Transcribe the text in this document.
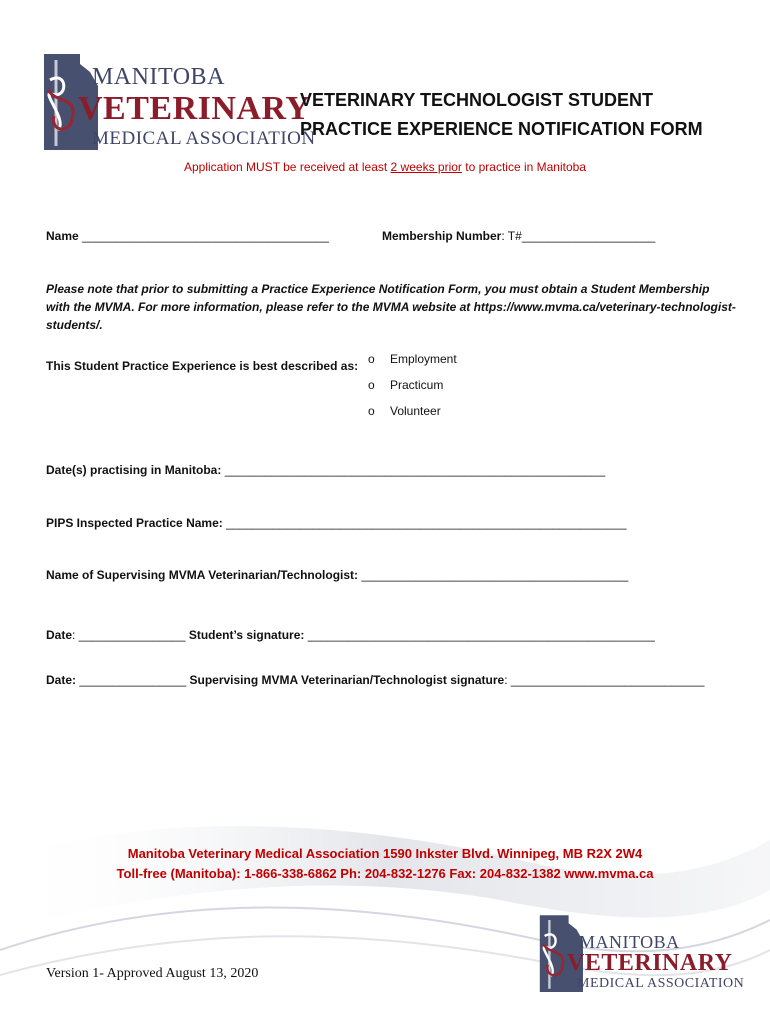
MANITOBA
VETERINARY
MEDICAL ASSOCIATION
VETERINARY TECHNOLOGIST STUDENT
PRACTICE EXPERIENCE NOTIFICATION FORM
Application MUST be received at least 2 weeks prior to practice in Manitoba
Name _____________________________________	Membership Number: T#____________________
Please note that prior to submitting a Practice Experience Notification Form, you must obtain a Student Membership with the MVMA. For more information, please refer to the MVMA website at https://www.mvma.ca/veterinary-technologist-students/.
This Student Practice Experience is best described as: o Employment
o Practicum
o Volunteer
Date(s) practising in Manitoba: _________________________________________________________
PIPS Inspected Practice Name: ____________________________________________________________
Name of Supervising MVMA Veterinarian/Technologist: ________________________________________
Date: ________________ Student’s signature: ____________________________________________________
Date: ________________ Supervising MVMA Veterinarian/Technologist signature: _____________________________
Manitoba Veterinary Medical Association 1590 Inkster Blvd. Winnipeg, MB R2X 2W4
Toll-free (Manitoba): 1-866-338-6862 Ph: 204-832-1276 Fax: 204-832-1382 www.mvma.ca
MANITOBA
VETERINARY
MEDICAL ASSOCIATION
Version 1- Approved August 13, 2020
